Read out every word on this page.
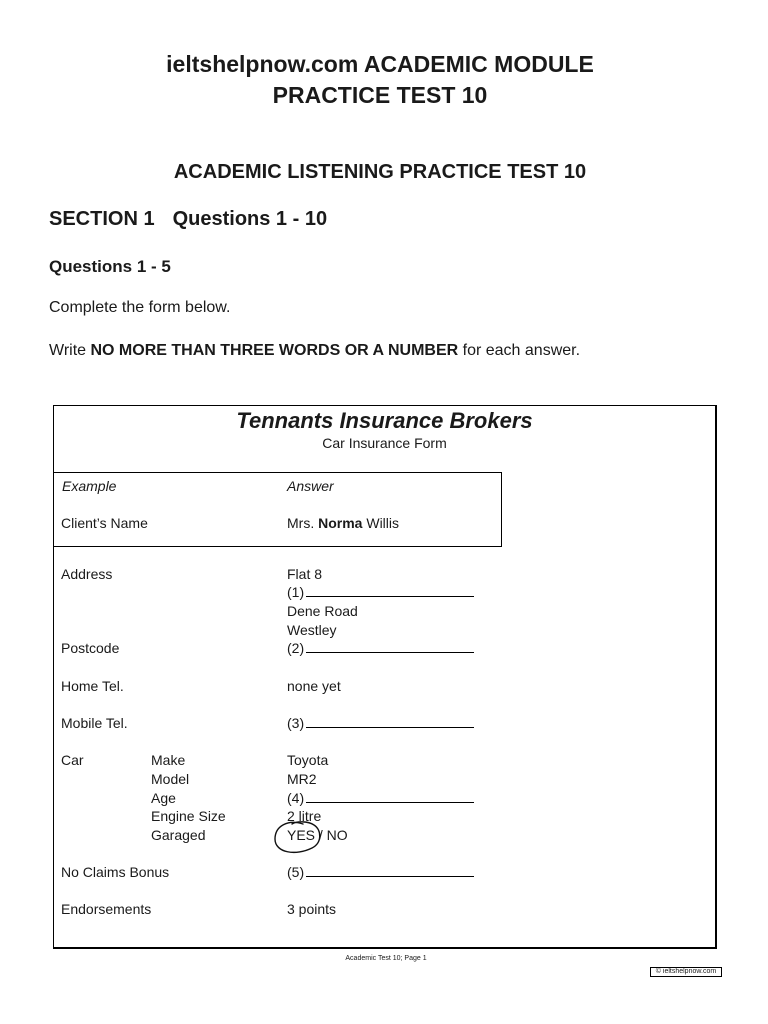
ieltshelpnow.com ACADEMIC MODULE
PRACTICE TEST 10
ACADEMIC LISTENING PRACTICE TEST 10
SECTION 1 Questions 1 - 10
Questions 1 - 5
Complete the form below.
Write NO MORE THAN THREE WORDS OR A NUMBER for each answer.
Tennants Insurance Brokers
Car Insurance Form
Example	Answer
Client’s Name	Mrs. Norma Willis
Address	Flat 8
(1)
Dene Road
Westley
Postcode	(2)
Home Tel.	none yet
Mobile Tel.	(3)
Car	Make	Toyota
Model	MR2
Age	(4)
Engine Size	2 litre
Garaged	YES / NO
No Claims Bonus	(5)
Endorsements	3 points
Academic Test 10; Page 1
© ieltshelpnow.com
